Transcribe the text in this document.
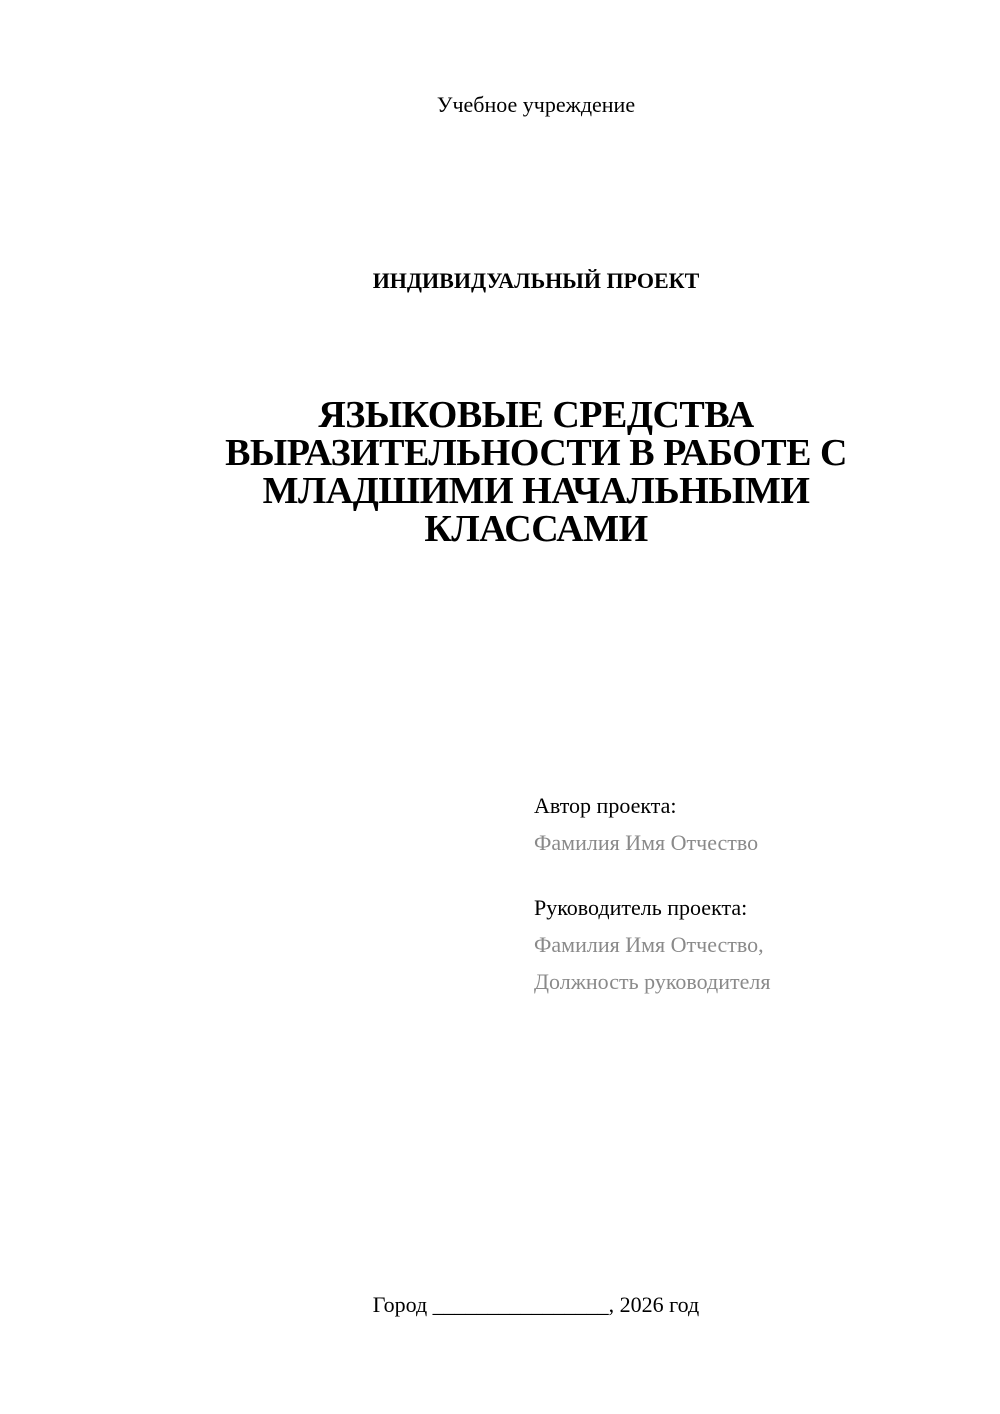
Учебное учреждение
ИНДИВИДУАЛЬНЫЙ ПРОЕКТ
ЯЗЫКОВЫЕ СРЕДСТВА
ВЫРАЗИТЕЛЬНОСТИ В РАБОТЕ С
МЛАДШИМИ НАЧАЛЬНЫМИ
КЛАССАМИ
Автор проекта:
Фамилия Имя Отчество
Руководитель проекта:
Фамилия Имя Отчество,
Должность руководителя
Город ________________, 2026 год
